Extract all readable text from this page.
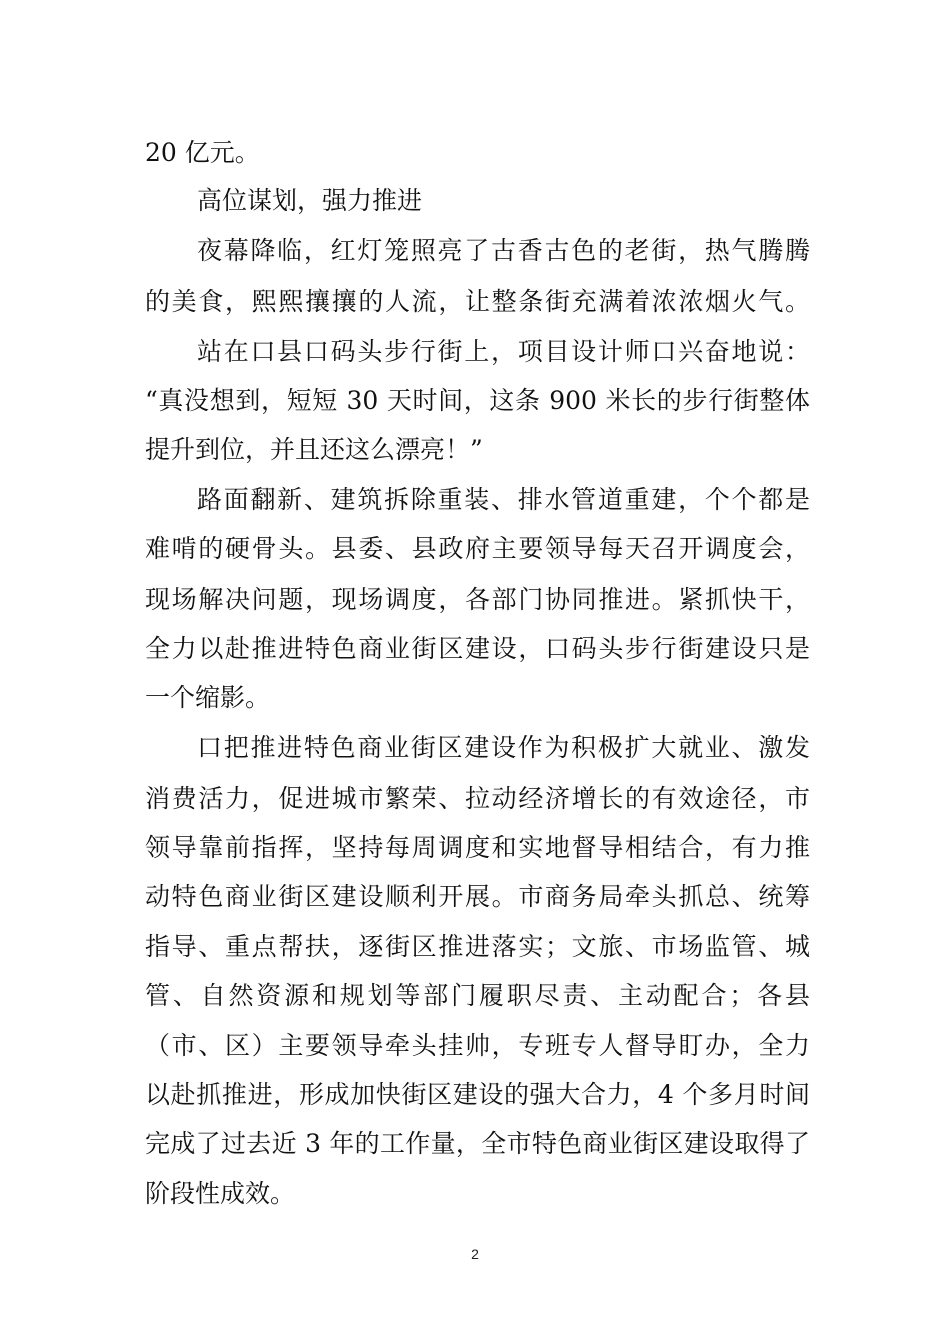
20 亿元。
高位谋划，强力推进
夜幕降临，红灯笼照亮了古香古色的老街，热气腾腾
的美食，熙熙攘攘的人流，让整条街充满着浓浓烟火气。
站在口县口码头步行街上，项目设计师口兴奋地说：
“真没想到，短短 30 天时间，这条 900 米长的步行街整体
提升到位，并且还这么漂亮！”
路面翻新、建筑拆除重装、排水管道重建，个个都是
难啃的硬骨头。县委、县政府主要领导每天召开调度会，
现场解决问题，现场调度，各部门协同推进。紧抓快干，
全力以赴推进特色商业街区建设，口码头步行街建设只是
一个缩影。
口把推进特色商业街区建设作为积极扩大就业、激发
消费活力，促进城市繁荣、拉动经济增长的有效途径，市
领导靠前指挥，坚持每周调度和实地督导相结合，有力推
动特色商业街区建设顺利开展。市商务局牵头抓总、统筹
指导、重点帮扶，逐街区推进落实；文旅、市场监管、城
管、自然资源和规划等部门履职尽责、主动配合；各县
（市、区）主要领导牵头挂帅，专班专人督导盯办，全力
以赴抓推进，形成加快街区建设的强大合力，4 个多月时间
完成了过去近 3 年的工作量，全市特色商业街区建设取得了
阶段性成效。
2
